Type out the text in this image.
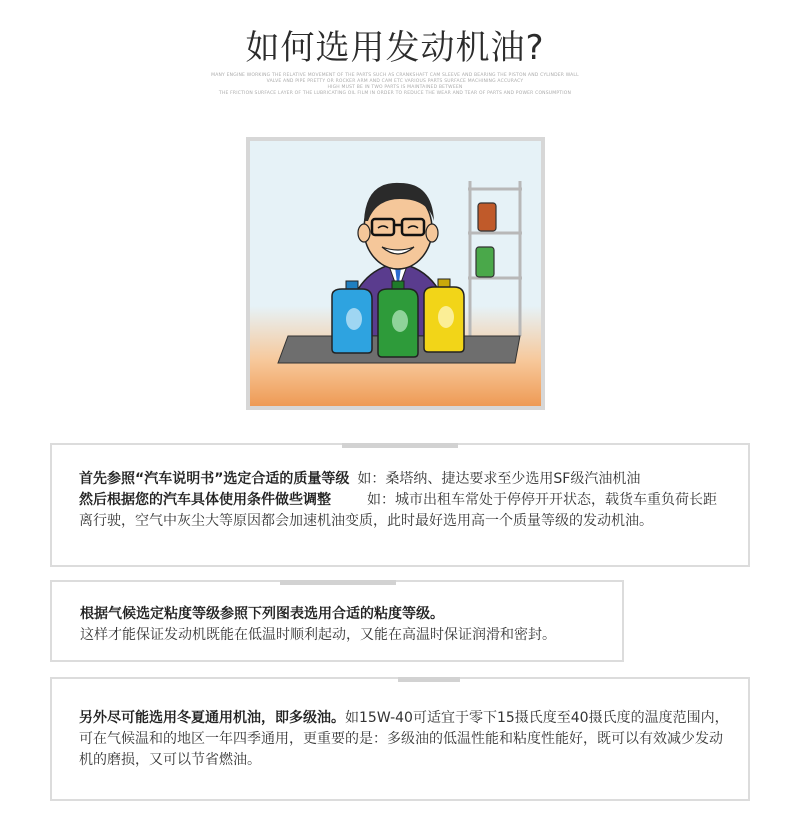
如何选用发动机油?
MANY ENGINE WORKING THE RELATIVE MOVEMENT OF THE PARTS SUCH AS CRANKSHAFT CAM SLEEVE AND BEARING THE PISTON AND CYLINDER WALL
VALVE AND PIPE PRETTY OR ROCKER ARM AND CAM ETC VARIOUS PARTS SURFACE MACHINING ACCURACY
HIGH MUST BE IN TWO PARTS IS MAINTAINED BETWEEN
THE FRICTION SURFACE LAYER OF THE LUBRICATING OIL FILM IN ORDER TO REDUCE THE WEAR AND TEAR OF PARTS AND POWER CONSUMPTION

首先参照“汽车说明书”选定合适的质量等级 如：桑塔纳、捷达要求至少选用SF级汽油机油
然后根据您的汽车具体使用条件做些调整	如：城市出租车常处于停停开开状态，载货车重负荷长距离行驶，空气中灰尘大等原因都会加速机油变质，此时最好选用高一个质量等级的发动机油。

根据气候选定粘度等级参照下列图表选用合适的粘度等级。
这样才能保证发动机既能在低温时顺利起动，又能在高温时保证润滑和密封。

另外尽可能选用冬夏通用机油，即多级油。如15W-40可适宜于零下15摄氏度至40摄氏度的温度范围内，可在气候温和的地区一年四季通用，更重要的是：多级油的低温性能和粘度性能好，既可以有效减少发动机的磨损，又可以节省燃油。
